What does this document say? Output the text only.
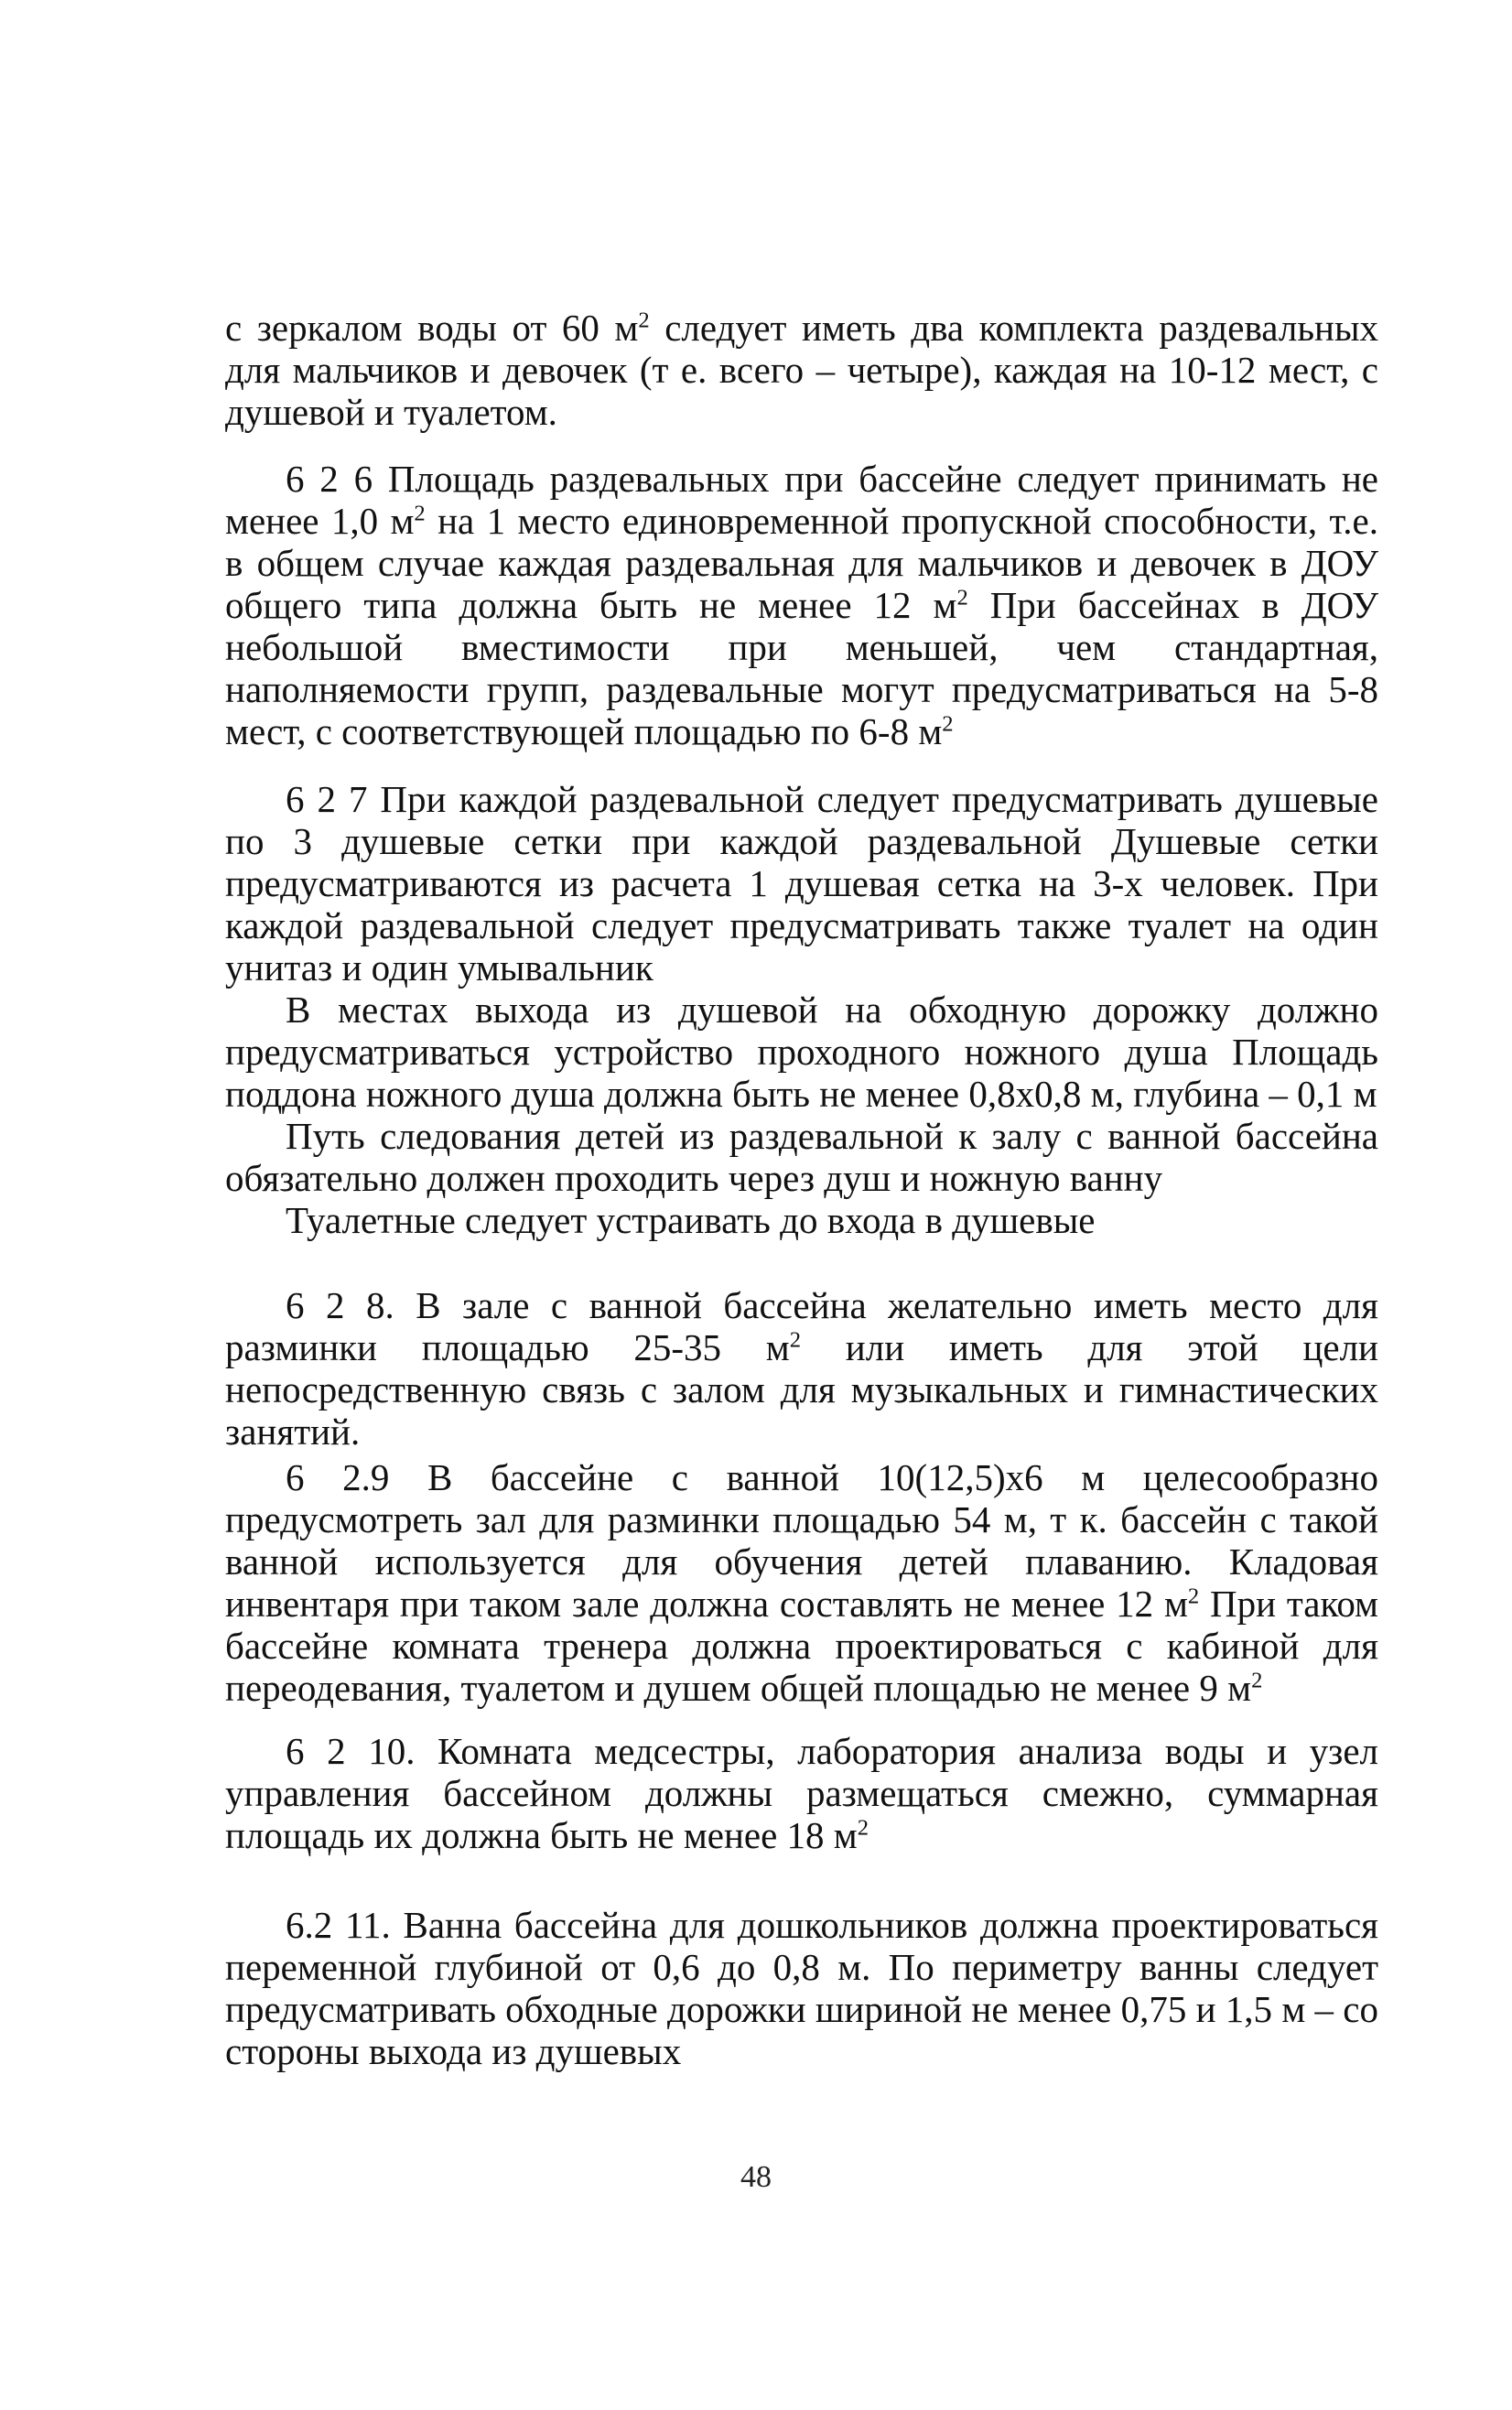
с зеркалом воды от 60 $м^2$ следует иметь два комплекта раздевальных для мальчиков и девочек (т е. всего – четыре), каждая на 10-12 мест, с душевой и туалетом.

6 2 6 Площадь раздевальных при бассейне следует принимать не менее 1,0 $м^2$ на 1 место единовременной пропускной способности, т.е. в общем случае каждая раздевальная для мальчиков и девочек в ДОУ общего типа должна быть не менее 12 $м^2$ При бассейнах в ДОУ небольшой вместимости при меньшей, чем стандартная, наполняемости групп, раздевальные могут предусматриваться на 5-8 мест, с соответствующей площадью по 6-8 $м^2$

6 2 7 При каждой раздевальной следует предусматривать душевые по 3 душевые сетки при каждой раздевальной Душевые сетки предусматриваются из расчета 1 душевая сетка на 3-х человек. При каждой раздевальной следует предусматривать также туалет на один унитаз и один умывальник

В местах выхода из душевой на обходную дорожку должно предусматриваться устройство проходного ножного душа Площадь поддона ножного душа должна быть не менее 0,8х0,8 м, глубина – 0,1 м

Путь следования детей из раздевальной к залу с ванной бассейна обязательно должен проходить через душ и ножную ванну

Туалетные следует устраивать до входа в душевые

6 2 8. В зале с ванной бассейна желательно иметь место для разминки площадью 25-35 $м^2$ или иметь для этой цели непосредственную связь с залом для музыкальных и гимнастических занятий.

6 2.9 В бассейне с ванной 10(12,5)х6 м целесообразно предусмотреть зал для разминки площадью 54 м, т к. бассейн с такой ванной используется для обучения детей плаванию. Кладовая инвентаря при таком зале должна составлять не менее 12 $м^2$ При таком бассейне комната тренера должна проектироваться с кабиной для переодевания, туалетом и душем общей площадью не менее 9 $м^2$

6 2 10. Комната медсестры, лаборатория анализа воды и узел управления бассейном должны размещаться смежно, суммарная площадь их должна быть не менее 18 $м^2$

6.2 11. Ванна бассейна для дошкольников должна проектироваться переменной глубиной от 0,6 до 0,8 м. По периметру ванны следует предусматривать обходные дорожки шириной не менее 0,75 и 1,5 м – со стороны выхода из душевых

48
